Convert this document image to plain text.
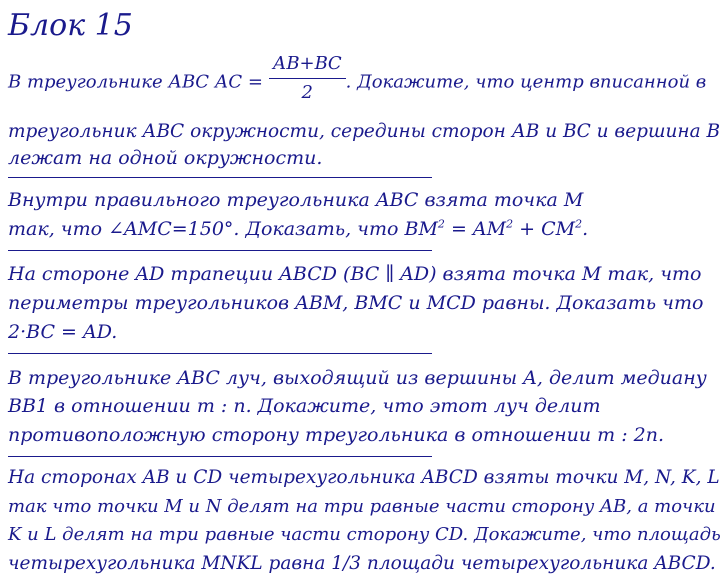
Блок 15
В треугольнике АВС АС = $\frac{АВ+ВС}{2}$ . Докажите, что центр вписанной в
треугольник АВС окружности, середины сторон АВ и ВС и вершина В
лежат на одной окружности.
Внутри правильного треугольника ABC взята точка M
так, что ∠AMC=150°. Доказать, что $BM^2 = AM^2 + CM^2$.
На стороне AD трапеции ABCD (BC ∥ AD) взята точка M так, что
периметры треугольников ABM, BMC и MCD равны. Доказать что
2·BC = AD.
В треугольнике ABC луч, выходящий из вершины A, делит медиану
BB1 в отношении m : n. Докажите, что этот луч делит
противоположную сторону треугольника в отношении m : 2n.
На сторонах AB и CD четырехугольника ABCD взяты точки M, N, K, L
так что точки M и N делят на три равные части сторону AB, а точки
K и L делят на три равные части сторону CD. Докажите, что площадь
четырехугольника MNKL равна 1/3 площади четырехугольника ABCD.
